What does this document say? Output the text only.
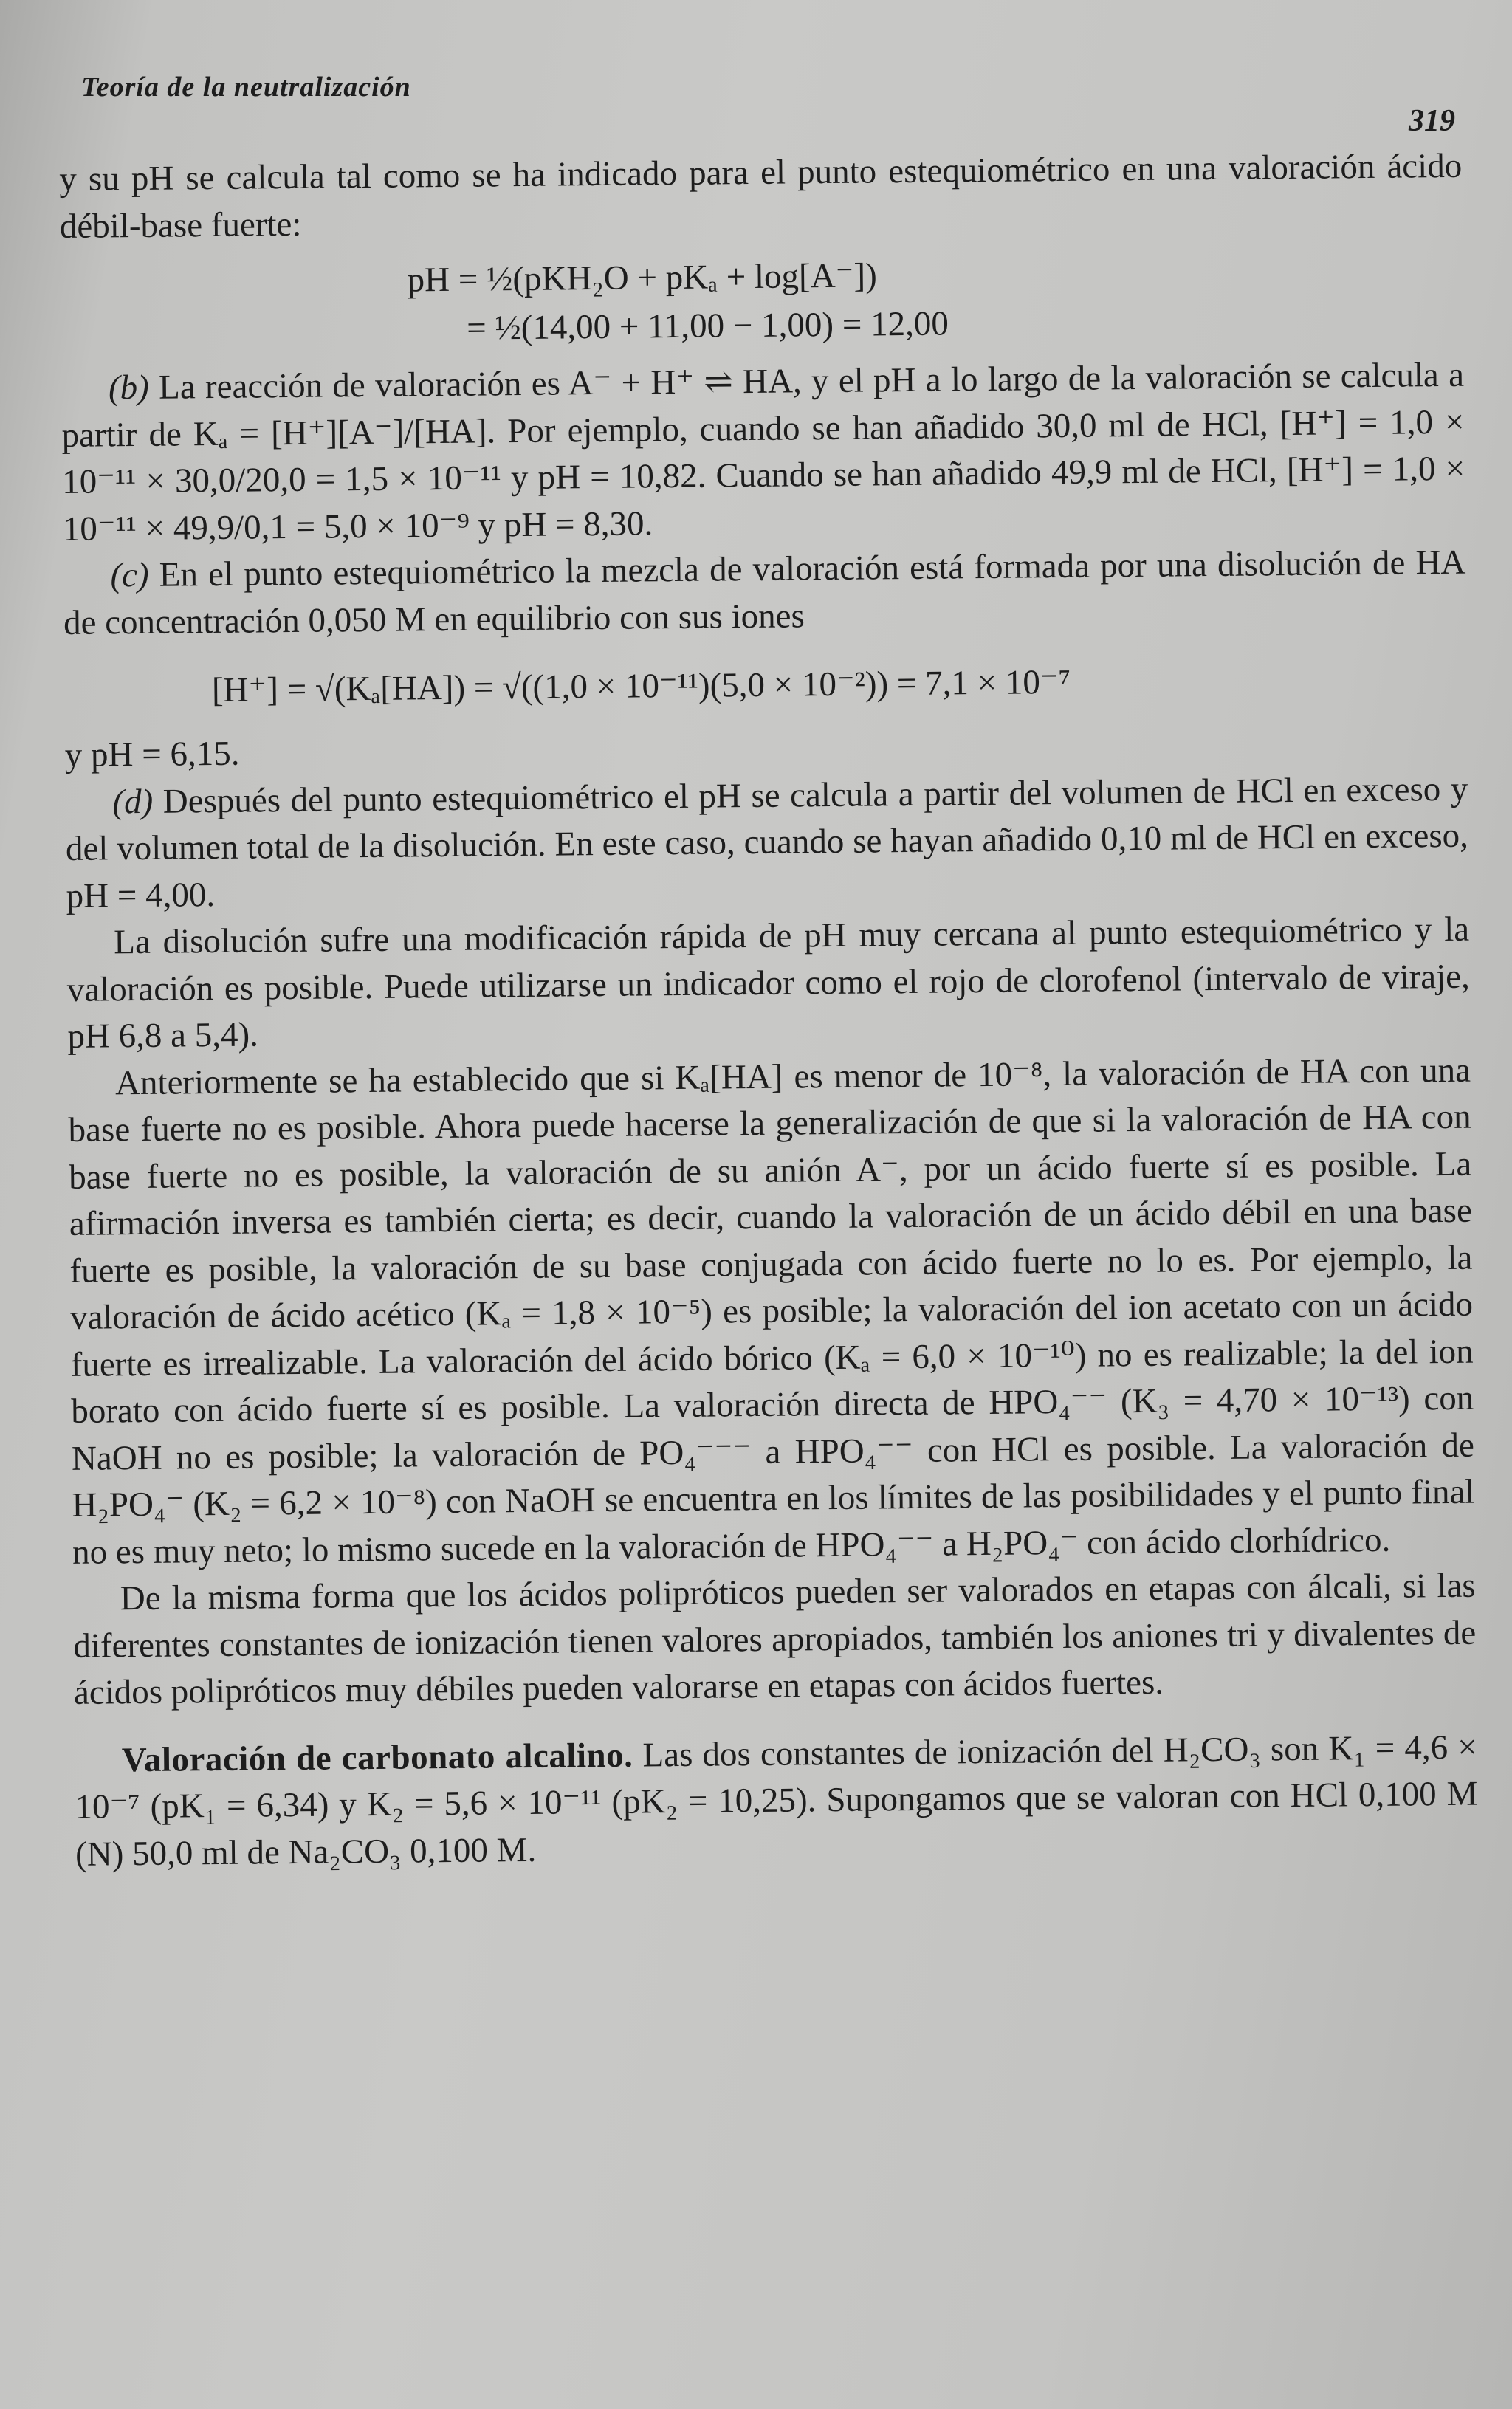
Teoría de la neutralización
319

y su pH se calcula tal como se ha indicado para el punto estequiométrico en una valoración ácido débil-base fuerte:

pH = ½(pKH₂O + pKₐ + log[A⁻])
= ½(14,00 + 11,00 − 1,00) = 12,00

(b) La reacción de valoración es A⁻ + H⁺ ⇌ HA, y el pH a lo largo de la valoración se calcula a partir de Kₐ = [H⁺][A⁻]/[HA]. Por ejemplo, cuando se han añadido 30,0 ml de HCl, [H⁺] = 1,0 × 10⁻¹¹ × 30,0/20,0 = 1,5 × 10⁻¹¹ y pH = 10,82. Cuando se han añadido 49,9 ml de HCl, [H⁺] = 1,0 × 10⁻¹¹ × 49,9/0,1 = 5,0 × 10⁻⁹ y pH = 8,30.

(c) En el punto estequiométrico la mezcla de valoración está formada por una disolución de HA de concentración 0,050 M en equilibrio con sus iones

[H⁺] = √(Kₐ[HA]) = √((1,0 × 10⁻¹¹)(5,0 × 10⁻²)) = 7,1 × 10⁻⁷

y pH = 6,15.

(d) Después del punto estequiométrico el pH se calcula a partir del volumen de HCl en exceso y del volumen total de la disolución. En este caso, cuando se hayan añadido 0,10 ml de HCl en exceso, pH = 4,00.

La disolución sufre una modificación rápida de pH muy cercana al punto estequiométrico y la valoración es posible. Puede utilizarse un indicador como el rojo de clorofenol (intervalo de viraje, pH 6,8 a 5,4).

Anteriormente se ha establecido que si Kₐ[HA] es menor de 10⁻⁸, la valoración de HA con una base fuerte no es posible. Ahora puede hacerse la generalización de que si la valoración de HA con base fuerte no es posible, la valoración de su anión A⁻, por un ácido fuerte sí es posible. La afirmación inversa es también cierta; es decir, cuando la valoración de un ácido débil en una base fuerte es posible, la valoración de su base conjugada con ácido fuerte no lo es. Por ejemplo, la valoración de ácido acético (Kₐ = 1,8 × 10⁻⁵) es posible; la valoración del ion acetato con un ácido fuerte es irrealizable. La valoración del ácido bórico (Kₐ = 6,0 × 10⁻¹⁰) no es realizable; la del ion borato con ácido fuerte sí es posible. La valoración directa de HPO₄⁻⁻ (K₃ = 4,70 × 10⁻¹³) con NaOH no es posible; la valoración de PO₄⁻⁻⁻ a HPO₄⁻⁻ con HCl es posible. La valoración de H₂PO₄⁻ (K₂ = 6,2 × 10⁻⁸) con NaOH se encuentra en los límites de las posibilidades y el punto final no es muy neto; lo mismo sucede en la valoración de HPO₄⁻⁻ a H₂PO₄⁻ con ácido clorhídrico.

De la misma forma que los ácidos polipróticos pueden ser valorados en etapas con álcali, si las diferentes constantes de ionización tienen valores apropiados, también los aniones tri y divalentes de ácidos polipróticos muy débiles pueden valorarse en etapas con ácidos fuertes.

Valoración de carbonato alcalino. Las dos constantes de ionización del H₂CO₃ son K₁ = 4,6 × 10⁻⁷ (pK₁ = 6,34) y K₂ = 5,6 × 10⁻¹¹ (pK₂ = 10,25). Supongamos que se valoran con HCl 0,100 M (N) 50,0 ml de Na₂CO₃ 0,100 M.
